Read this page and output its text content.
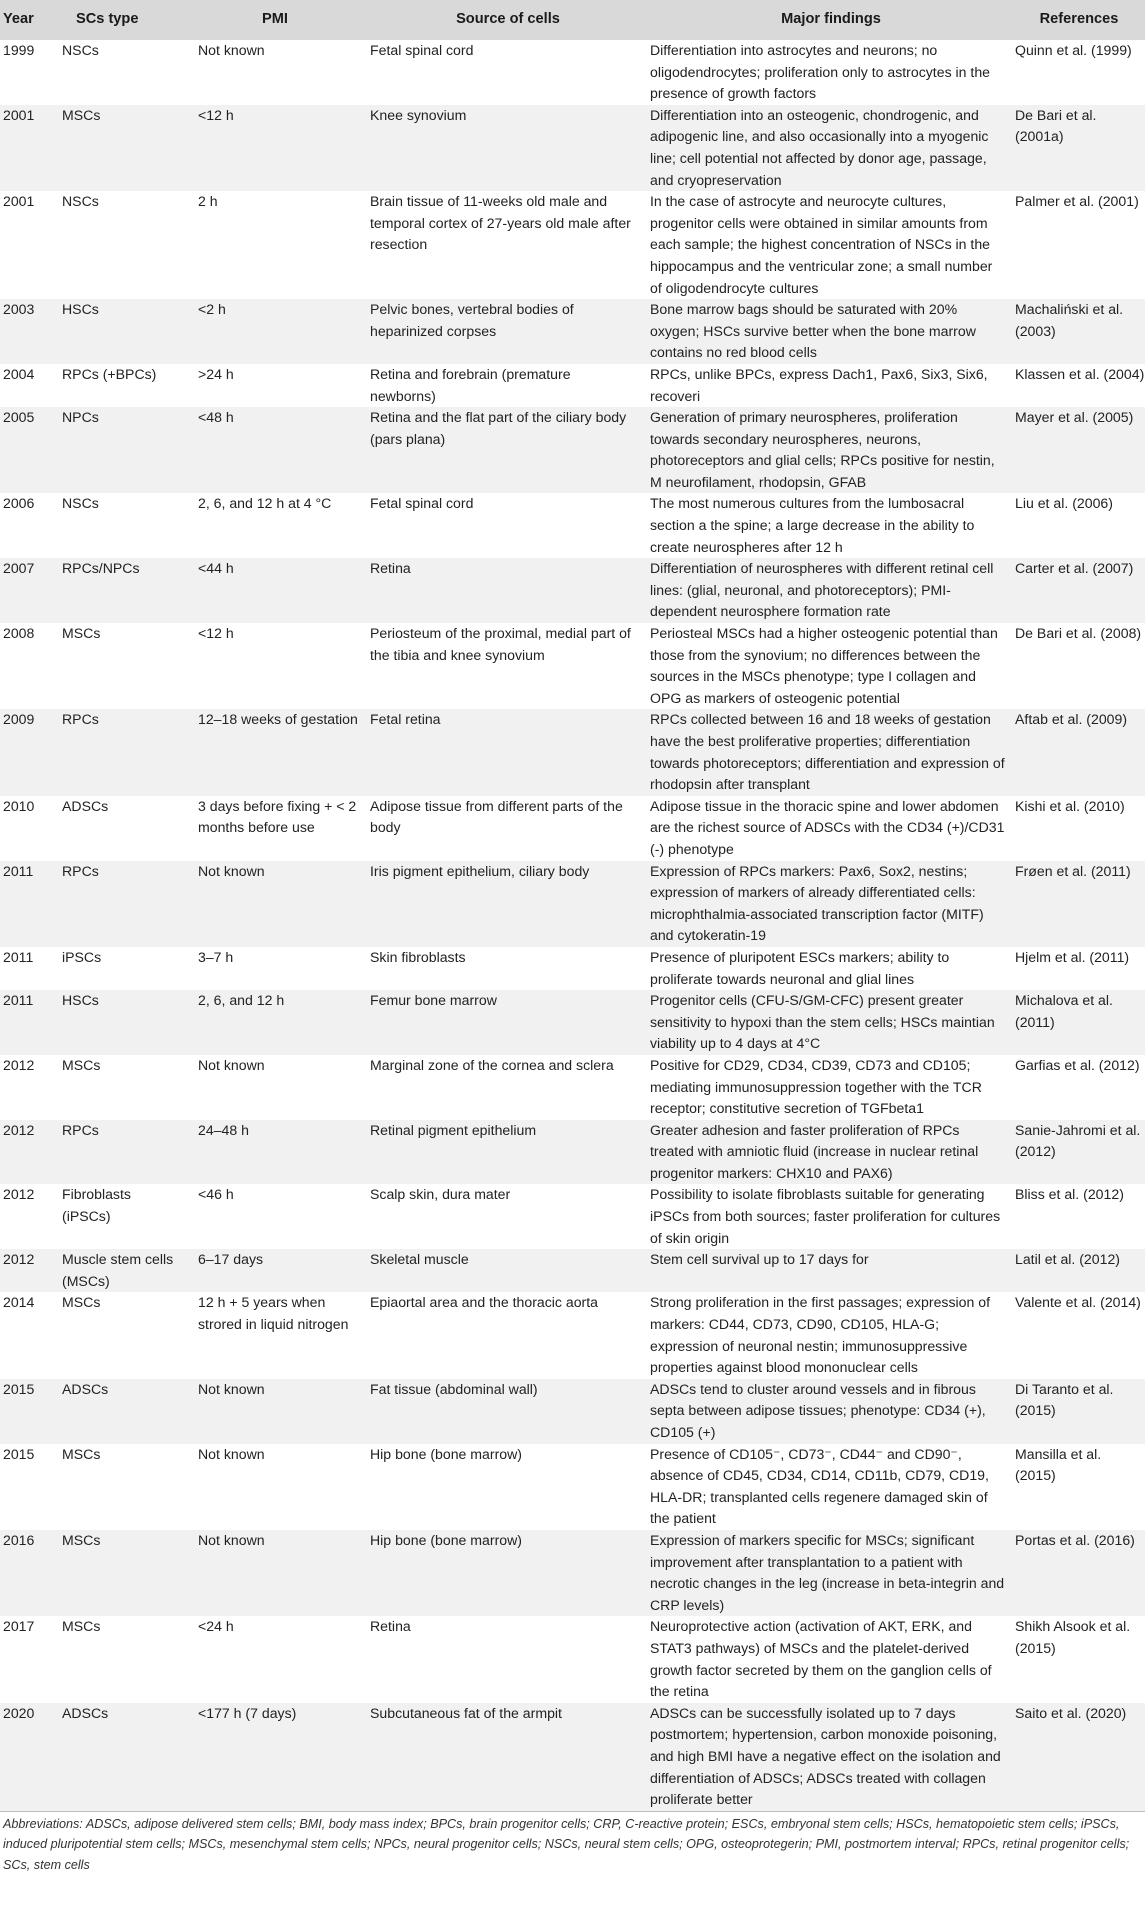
Year	SCs type	PMI	Source of cells	Major findings	References
1999	NSCs	Not known	Fetal spinal cord	Differentiation into astrocytes and neurons; no oligodendrocytes; proliferation only to astrocytes in the presence of growth factors	Quinn et al. (1999)
2001	MSCs	<12 h	Knee synovium	Differentiation into an osteogenic, chondrogenic, and adipogenic line, and also occasionally into a myogenic line; cell potential not affected by donor age, passage, and cryopreservation	De Bari et al. (2001a)
2001	NSCs	2 h	Brain tissue of 11-weeks old male and temporal cortex of 27-years old male after resection	In the case of astrocyte and neurocyte cultures, progenitor cells were obtained in similar amounts from each sample; the highest concentration of NSCs in the hippocampus and the ventricular zone; a small number of oligodendrocyte cultures	Palmer et al. (2001)
2003	HSCs	<2 h	Pelvic bones, vertebral bodies of heparinized corpses	Bone marrow bags should be saturated with 20% oxygen; HSCs survive better when the bone marrow contains no red blood cells	Machaliński et al. (2003)
2004	RPCs (+BPCs)	>24 h	Retina and forebrain (premature newborns)	RPCs, unlike BPCs, express Dach1, Pax6, Six3, Six6, recoveri	Klassen et al. (2004)
2005	NPCs	<48 h	Retina and the flat part of the ciliary body (pars plana)	Generation of primary neurospheres, proliferation towards secondary neurospheres, neurons, photoreceptors and glial cells; RPCs positive for nestin, M neurofilament, rhodopsin, GFAB	Mayer et al. (2005)
2006	NSCs	2, 6, and 12 h at 4 °C	Fetal spinal cord	The most numerous cultures from the lumbosacral section a the spine; a large decrease in the ability to create neurospheres after 12 h	Liu et al. (2006)
2007	RPCs/NPCs	<44 h	Retina	Differentiation of neurospheres with different retinal cell lines: (glial, neuronal, and photoreceptors); PMI-dependent neurosphere formation rate	Carter et al. (2007)
2008	MSCs	<12 h	Periosteum of the proximal, medial part of the tibia and knee synovium	Periosteal MSCs had a higher osteogenic potential than those from the synovium; no differences between the sources in the MSCs phenotype; type I collagen and OPG as markers of osteogenic potential	De Bari et al. (2008)
2009	RPCs	12–18 weeks of gestation	Fetal retina	RPCs collected between 16 and 18 weeks of gestation have the best proliferative properties; differentiation towards photoreceptors; differentiation and expression of rhodopsin after transplant	Aftab et al. (2009)
2010	ADSCs	3 days before fixing + < 2 months before use	Adipose tissue from different parts of the body	Adipose tissue in the thoracic spine and lower abdomen are the richest source of ADSCs with the CD34 (+)/CD31 (-) phenotype	Kishi et al. (2010)
2011	RPCs	Not known	Iris pigment epithelium, ciliary body	Expression of RPCs markers: Pax6, Sox2, nestins; expression of markers of already differentiated cells: microphthalmia-associated transcription factor (MITF) and cytokeratin-19	Frøen et al. (2011)
2011	iPSCs	3–7 h	Skin fibroblasts	Presence of pluripotent ESCs markers; ability to proliferate towards neuronal and glial lines	Hjelm et al. (2011)
2011	HSCs	2, 6, and 12 h	Femur bone marrow	Progenitor cells (CFU-S/GM-CFC) present greater sensitivity to hypoxi than the stem cells; HSCs maintian viability up to 4 days at 4°C	Michalova et al. (2011)
2012	MSCs	Not known	Marginal zone of the cornea and sclera	Positive for CD29, CD34, CD39, CD73 and CD105; mediating immunosuppression together with the TCR receptor; constitutive secretion of TGFbeta1	Garfias et al. (2012)
2012	RPCs	24–48 h	Retinal pigment epithelium	Greater adhesion and faster proliferation of RPCs treated with amniotic fluid (increase in nuclear retinal progenitor markers: CHX10 and PAX6)	Sanie-Jahromi et al. (2012)
2012	Fibroblasts (iPSCs)	<46 h	Scalp skin, dura mater	Possibility to isolate fibroblasts suitable for generating iPSCs from both sources; faster proliferation for cultures of skin origin	Bliss et al. (2012)
2012	Muscle stem cells (MSCs)	6–17 days	Skeletal muscle	Stem cell survival up to 17 days for	Latil et al. (2012)
2014	MSCs	12 h + 5 years when strored in liquid nitrogen	Epiaortal area and the thoracic aorta	Strong proliferation in the first passages; expression of markers: CD44, CD73, CD90, CD105, HLA-G; expression of neuronal nestin; immunosuppressive properties against blood mononuclear cells	Valente et al. (2014)
2015	ADSCs	Not known	Fat tissue (abdominal wall)	ADSCs tend to cluster around vessels and in fibrous septa between adipose tissues; phenotype: CD34 (+), CD105 (+)	Di Taranto et al. (2015)
2015	MSCs	Not known	Hip bone (bone marrow)	Presence of CD105⁻, CD73⁻, CD44⁻ and CD90⁻, absence of CD45, CD34, CD14, CD11b, CD79, CD19, HLA-DR; transplanted cells regenere damaged skin of the patient	Mansilla et al. (2015)
2016	MSCs	Not known	Hip bone (bone marrow)	Expression of markers specific for MSCs; significant improvement after transplantation to a patient with necrotic changes in the leg (increase in beta-integrin and CRP levels)	Portas et al. (2016)
2017	MSCs	<24 h	Retina	Neuroprotective action (activation of AKT, ERK, and STAT3 pathways) of MSCs and the platelet-derived growth factor secreted by them on the ganglion cells of the retina	Shikh Alsook et al. (2015)
2020	ADSCs	<177 h (7 days)	Subcutaneous fat of the armpit	ADSCs can be successfully isolated up to 7 days postmortem; hypertension, carbon monoxide poisoning, and high BMI have a negative effect on the isolation and differentiation of ADSCs; ADSCs treated with collagen proliferate better	Saito et al. (2020)
Abbreviations: ADSCs, adipose delivered stem cells; BMI, body mass index; BPCs, brain progenitor cells; CRP, C-reactive protein; ESCs, embryonal stem cells; HSCs, hematopoietic stem cells; iPSCs, induced pluripotential stem cells; MSCs, mesenchymal stem cells; NPCs, neural progenitor cells; NSCs, neural stem cells; OPG, osteoprotegerin; PMI, postmortem interval; RPCs, retinal progenitor cells; SCs, stem cells
